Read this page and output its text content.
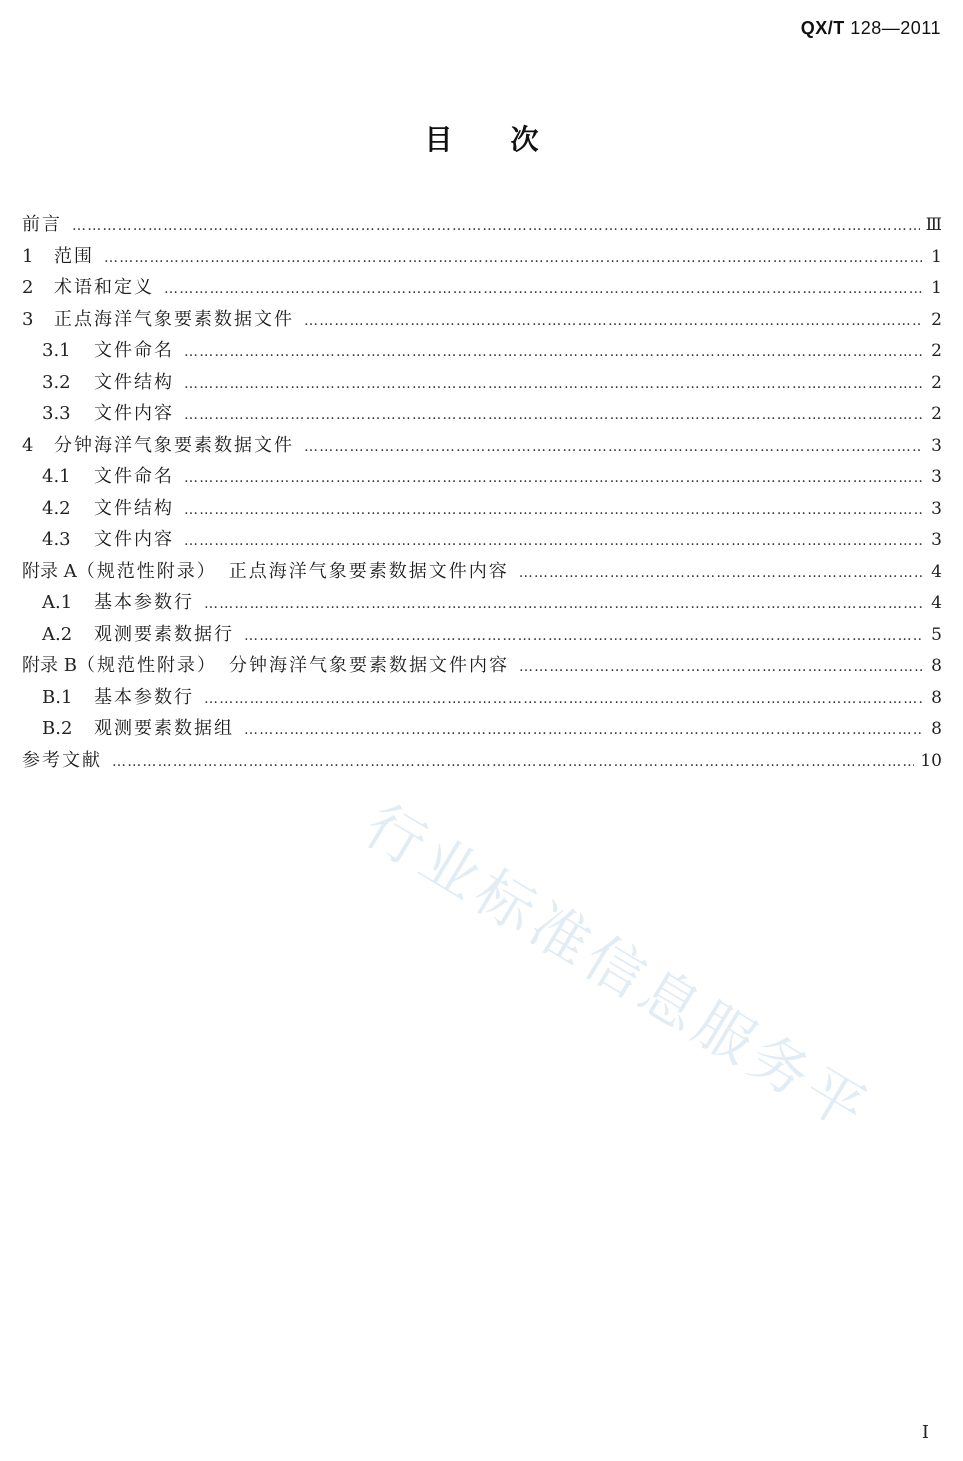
QX/T 128—2011
目次
前言 …………………………………………………………………………………………………………………………………………………………………………………………………………………………………………………………………………………………………	Ⅲ
1	范围 …………………………………………………………………………………………………………………………………………………………………………………………………………………………………………………………………………………………………	1
2	术语和定义 …………………………………………………………………………………………………………………………………………………………………………………………………………………………………………………………………………………………………	1
3	正点海洋气象要素数据文件 …………………………………………………………………………………………………………………………………………………………………………………………………………………………………………………………………………………………………	2
3.1	文件命名 …………………………………………………………………………………………………………………………………………………………………………………………………………………………………………………………………………………………………	2
3.2	文件结构 …………………………………………………………………………………………………………………………………………………………………………………………………………………………………………………………………………………………………	2
3.3	文件内容 …………………………………………………………………………………………………………………………………………………………………………………………………………………………………………………………………………………………………	2
4	分钟海洋气象要素数据文件 …………………………………………………………………………………………………………………………………………………………………………………………………………………………………………………………………………………………………	3
4.1	文件命名 …………………………………………………………………………………………………………………………………………………………………………………………………………………………………………………………………………………………………	3
4.2	文件结构 …………………………………………………………………………………………………………………………………………………………………………………………………………………………………………………………………………………………………	3
4.3	文件内容 …………………………………………………………………………………………………………………………………………………………………………………………………………………………………………………………………………………………………	3
附录 A （规范性附录） 正点海洋气象要素数据文件内容 …………………………………………………………………………………………………………………………………………………………………………………………………………………………………………………………………………………………………	4
A.1	基本参数行 …………………………………………………………………………………………………………………………………………………………………………………………………………………………………………………………………………………………………	4
A.2	观测要素数据行 …………………………………………………………………………………………………………………………………………………………………………………………………………………………………………………………………………………………………	5
附录 B （规范性附录） 分钟海洋气象要素数据文件内容 …………………………………………………………………………………………………………………………………………………………………………………………………………………………………………………………………………………………………	8
B.1	基本参数行 …………………………………………………………………………………………………………………………………………………………………………………………………………………………………………………………………………………………………	8
B.2	观测要素数据组 …………………………………………………………………………………………………………………………………………………………………………………………………………………………………………………………………………………………………	8
参考文献 …………………………………………………………………………………………………………………………………………………………………………………………………………………………………………………………………………………………………	10
行业标准信息服务平
I
